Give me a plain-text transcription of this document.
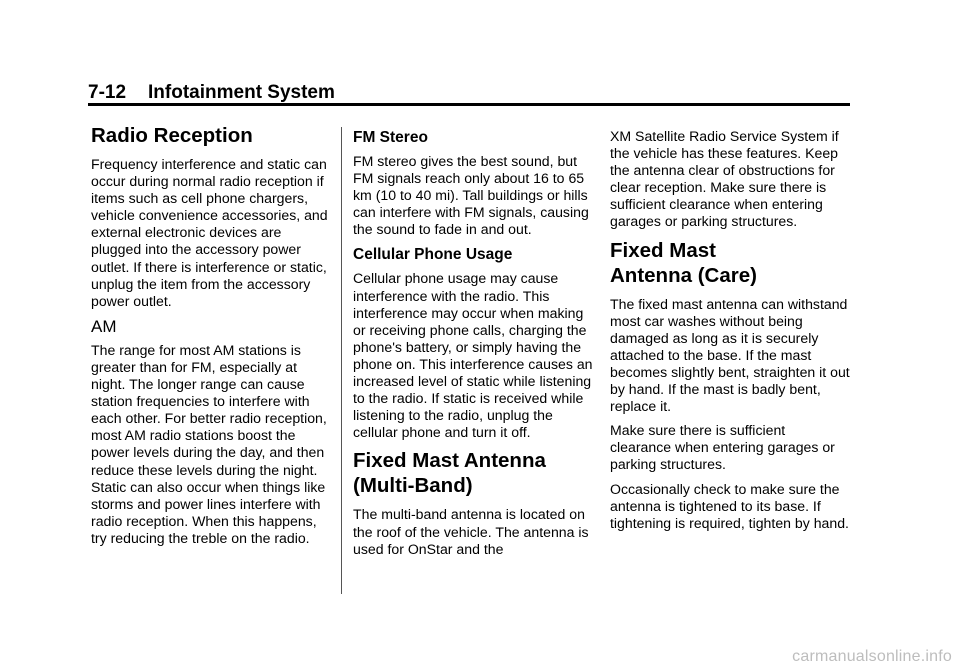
7-12 Infotainment System
Radio Reception

Frequency interference and static can occur during normal radio reception if items such as cell phone chargers, vehicle convenience accessories, and external electronic devices are plugged into the accessory power outlet. If there is interference or static, unplug the item from the accessory power outlet.

AM

The range for most AM stations is greater than for FM, especially at night. The longer range can cause station frequencies to interfere with each other. For better radio reception, most AM radio stations boost the power levels during the day, and then reduce these levels during the night. Static can also occur when things like storms and power lines interfere with radio reception. When this happens, try reducing the treble on the radio.

FM Stereo

FM stereo gives the best sound, but FM signals reach only about 16 to 65 km (10 to 40 mi). Tall buildings or hills can interfere with FM signals, causing the sound to fade in and out.

Cellular Phone Usage

Cellular phone usage may cause interference with the radio. This interference may occur when making or receiving phone calls, charging the phone's battery, or simply having the phone on. This interference causes an increased level of static while listening to the radio. If static is received while listening to the radio, unplug the cellular phone and turn it off.

Fixed Mast Antenna (Multi-Band)

The multi-band antenna is located on the roof of the vehicle. The antenna is used for OnStar and the

XM Satellite Radio Service System if the vehicle has these features. Keep the antenna clear of obstructions for clear reception. Make sure there is sufficient clearance when entering garages or parking structures.

Fixed Mast Antenna (Care)

The fixed mast antenna can withstand most car washes without being damaged as long as it is securely attached to the base. If the mast becomes slightly bent, straighten it out by hand. If the mast is badly bent, replace it.

Make sure there is sufficient clearance when entering garages or parking structures.

Occasionally check to make sure the antenna is tightened to its base. If tightening is required, tighten by hand.

carmanualsonline.info
